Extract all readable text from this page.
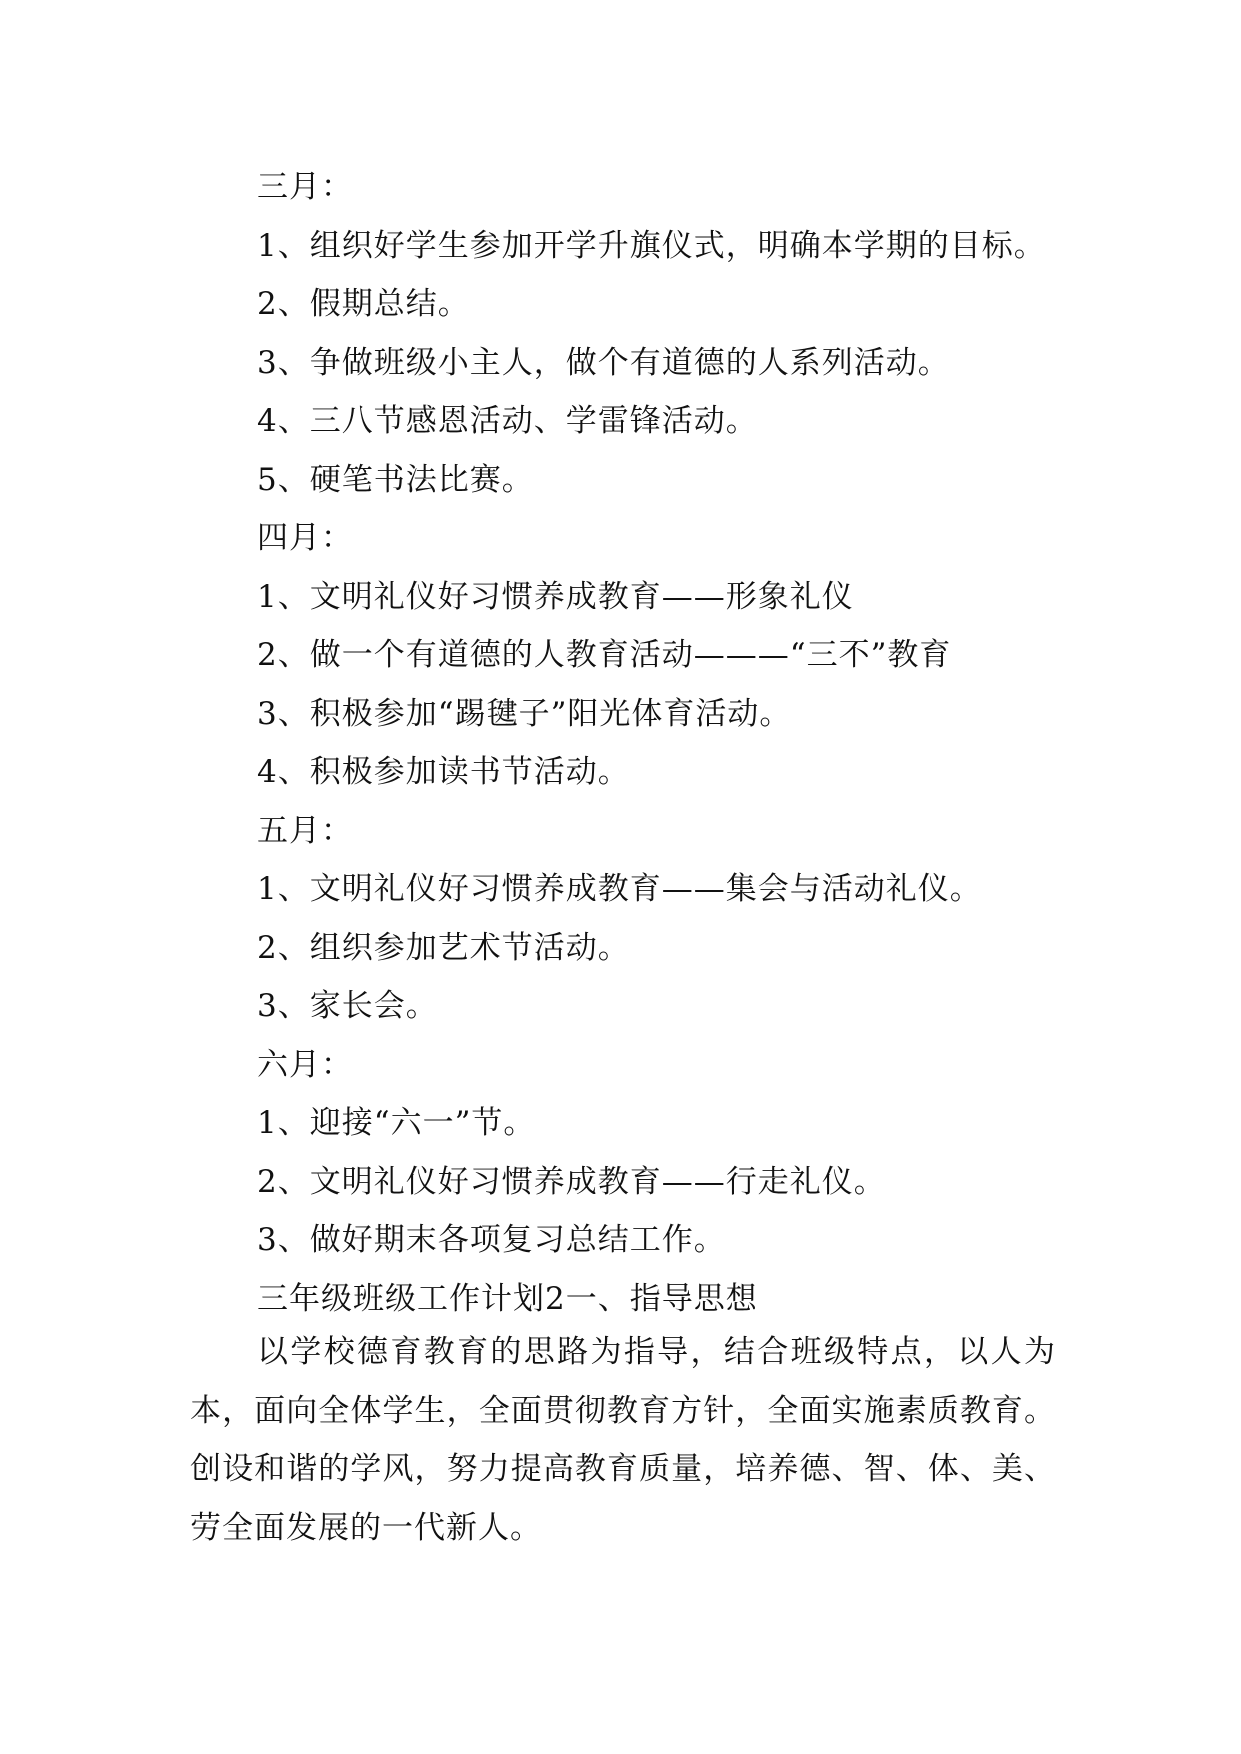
三月：
1、组织好学生参加开学升旗仪式，明确本学期的目标。
2、假期总结。
3、争做班级小主人，做个有道德的人系列活动。
4、三八节感恩活动、学雷锋活动。
5、硬笔书法比赛。
四月：
1、文明礼仪好习惯养成教育——形象礼仪
2、做一个有道德的人教育活动———“三不”教育
3、积极参加“踢毽子”阳光体育活动。
4、积极参加读书节活动。
五月：
1、文明礼仪好习惯养成教育——集会与活动礼仪。
2、组织参加艺术节活动。
3、家长会。
六月：
1、迎接“六一”节。
2、文明礼仪好习惯养成教育——行走礼仪。
3、做好期末各项复习总结工作。
三年级班级工作计划2一、指导思想

以学校德育教育的思路为指导，结合班级特点，以人为本，面向全体学生，全面贯彻教育方针，全面实施素质教育。创设和谐的学风，努力提高教育质量，培养德、智、体、美、劳全面发展的一代新人。
